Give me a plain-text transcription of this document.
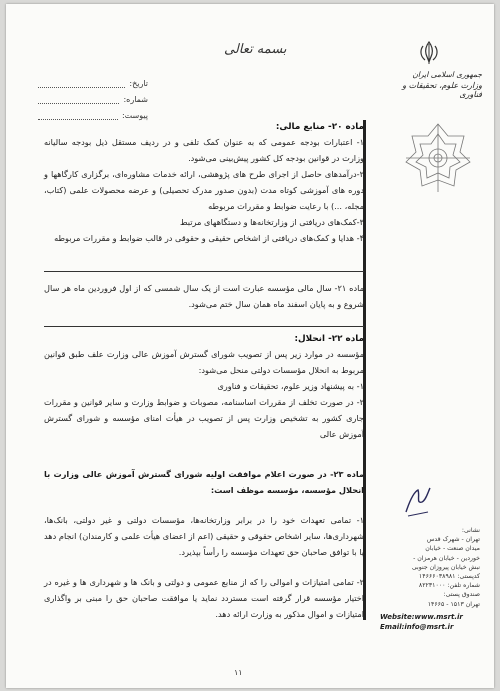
بسمه تعالی
جمهوری اسلامی ایران
وزارت علوم، تحقیقات و فناوری
تاریخ:
شماره:
پیوست:
ماده ۲۰- منابع مالی:
۱- اعتبارات بودجه عمومی که به عنوان کمک تلفی و در ردیف مستقل ذیل بودجه سالیانه وزارت در قوانین بودجه کل کشور پیش‌بینی می‌شود.
۲-درآمدهای حاصل از اجرای طرح های پژوهشی، ارائه خدمات مشاوره‌ای، برگزاری کارگاهها و دوره های آموزشی کوتاه مدت (بدون صدور مدرک تحصیلی) و عرضه محصولات علمی (کتاب، مجله، ...) با رعایت ضوابط و مقررات مربوطه
۳-کمک‌های دریافتی از وزارتخانه‌ها و دستگاههای مرتبط
۴- هدایا و کمک‌های دریافتی از اشخاص حقیقی و حقوقی در قالب ضوابط و مقررات مربوطه
ماده ۲۱- سال مالی مؤسسه عبارت است از یک سال شمسی که از اول فروردین ماه هر سال شروع و به پایان اسفند ماه همان سال ختم می‌شود.
ماده ۲۲- انحلال:
مؤسسه در موارد زیر پس از تصویب شورای گسترش آموزش عالی وزارت علف طبق قوانین مربوط به انحلال مؤسسات دولتی منحل می‌شود:
۱- به پیشنهاد وزیر علوم، تحقیقات و فناوری
۲- در صورت تخلف از مقررات اساسنامه، مصوبات و ضوابط وزارت و سایر قوانین و مقررات جاری کشور به تشخیص وزارت پس از تصویب در هیأت امنای مؤسسه و شورای گسترش آموزش عالی
ماده ۲۳- در صورت اعلام موافقت اولیه شورای گسترش آموزش عالی وزارت با انحلال مؤسسه، مؤسسه موظف است:
۱- تمامی تعهدات خود را در برابر وزارتخانه‌ها، مؤسسات دولتی و غیر دولتی، بانک‌ها، شهرداری‌ها، سایر اشخاص حقوقی و حقیقی (اعم از اعضای هیأت علمی و کارمندان) انجام دهد یا با توافق صاحبان حق تعهدات مؤسسه را رأساً بپذیرد.
۲- تمامی امتیازات و اموالی را که از منابع عمومی و دولتی و بانک ها و شهرداری ها و غیره در اختیار مؤسسه قرار گرفته است مستردد نماید یا موافقت صاحبان حق را مبنی بر واگذاری امتیازات و اموال مذکور به وزارت ارائه دهد.
نشانی:
تهران - شهرک قدس
میدان صنعت - خیابان
خوردین - خیابان هرمزان -
نبش خیابان پیروزان جنوبی
کدپستی: ۱۴۶۶۶۰۳۸۹۸۱
شماره تلفن: ۸۲۲۳۱۰۰۰
صندوق پستی:
تهران ۱۵۱۳ - ۱۴۶۶۵
Website:www.msrt.ir
Email:info@msrt.ir
۱۱
